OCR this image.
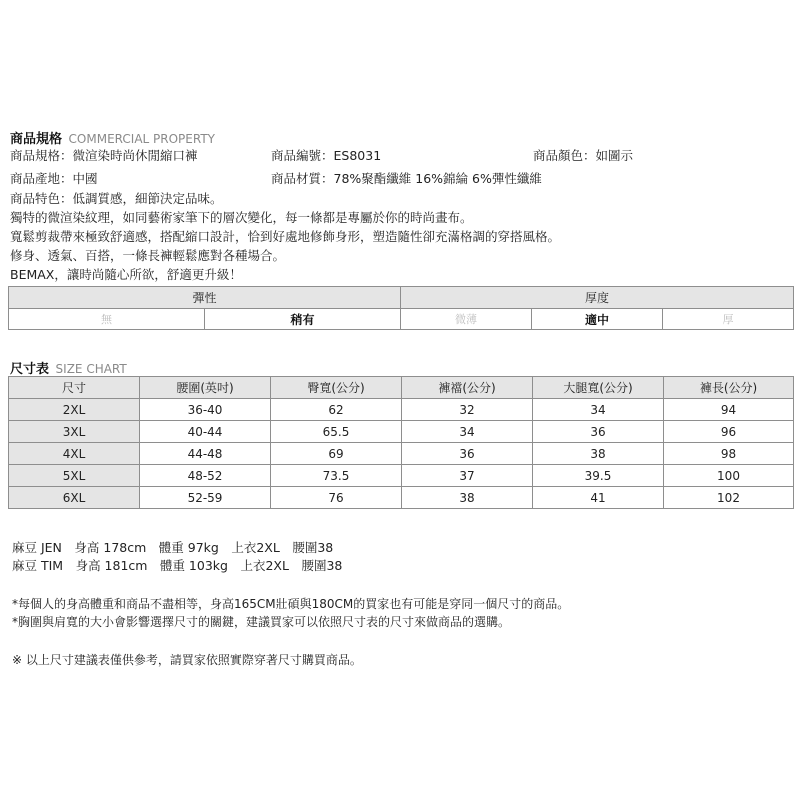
商品規格 COMMERCIAL PROPERTY
商品規格：微渲染時尚休閒縮口褲	商品編號：ES8031	商品顏色：如圖示
商品產地：中國	商品材質：78%聚酯纖維 16%錦綸 6%彈性纖維
商品特色：低調質感，細節決定品味。
獨特的微渲染紋理，如同藝術家筆下的層次變化，每一條都是專屬於你的時尚畫布。
寬鬆剪裁帶來極致舒適感，搭配縮口設計，恰到好處地修飾身形，塑造隨性卻充滿格調的穿搭風格。
修身、透氣、百搭，一條長褲輕鬆應對各種場合。
BEMAX，讓時尚隨心所欲，舒適更升級！
彈性		厚度		
無	稍有	微薄	適中	厚
尺寸表 SIZE CHART
尺寸	腰圍(英吋)	臀寬(公分)	褲襠(公分)	大腿寬(公分)	褲長(公分)
2XL	36-40	62	32	34	94
3XL	40-44	65.5	34	36	96
4XL	44-48	69	36	38	98
5XL	48-52	73.5	37	39.5	100
6XL	52-59	76	38	41	102
麻豆 JEN　身高 178cm　體重 97kg　上衣2XL　腰圍38
麻豆 TIM　身高 181cm　體重 103kg　上衣2XL　腰圍38
*每個人的身高體重和商品不盡相等，身高165CM壯碩與180CM的買家也有可能是穿同一個尺寸的商品。
*胸圍與肩寬的大小會影響選擇尺寸的關鍵，建議買家可以依照尺寸表的尺寸來做商品的選購。
※ 以上尺寸建議表僅供參考，請買家依照實際穿著尺寸購買商品。
